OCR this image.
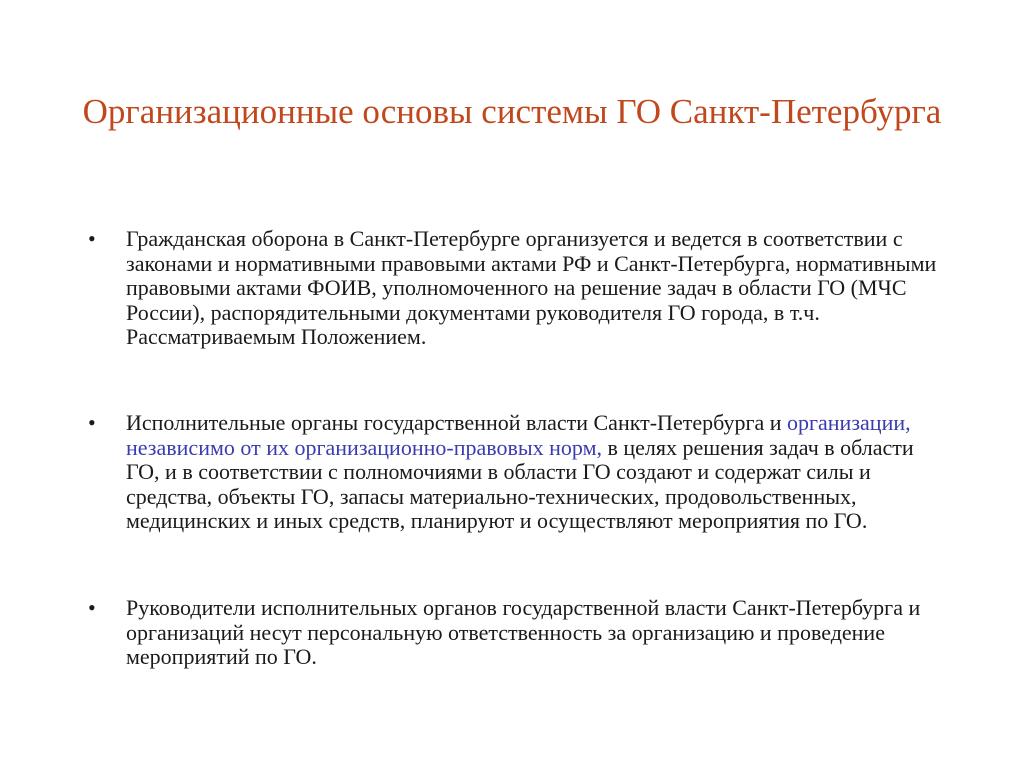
Организационные основы системы ГО Санкт-Петербурга
• Гражданская оборона в Санкт-Петербурге организуется и ведется в соответствии с законами и нормативными правовыми актами РФ и Санкт-Петербурга, нормативными правовыми актами ФОИВ, уполномоченного на решение задач в области ГО (МЧС России), распорядительными документами руководителя ГО города, в т.ч. Рассматриваемым Положением.
• Исполнительные органы государственной власти Санкт-Петербурга и организации, независимо от их организационно-правовых норм, в целях решения задач в области ГО, и в соответствии с полномочиями в области ГО создают и содержат силы и средства, объекты ГО, запасы материально-технических, продовольственных, медицинских и иных средств, планируют и осуществляют мероприятия по ГО.
• Руководители исполнительных органов государственной власти Санкт-Петербурга и организаций несут персональную ответственность за организацию и проведение мероприятий по ГО.
